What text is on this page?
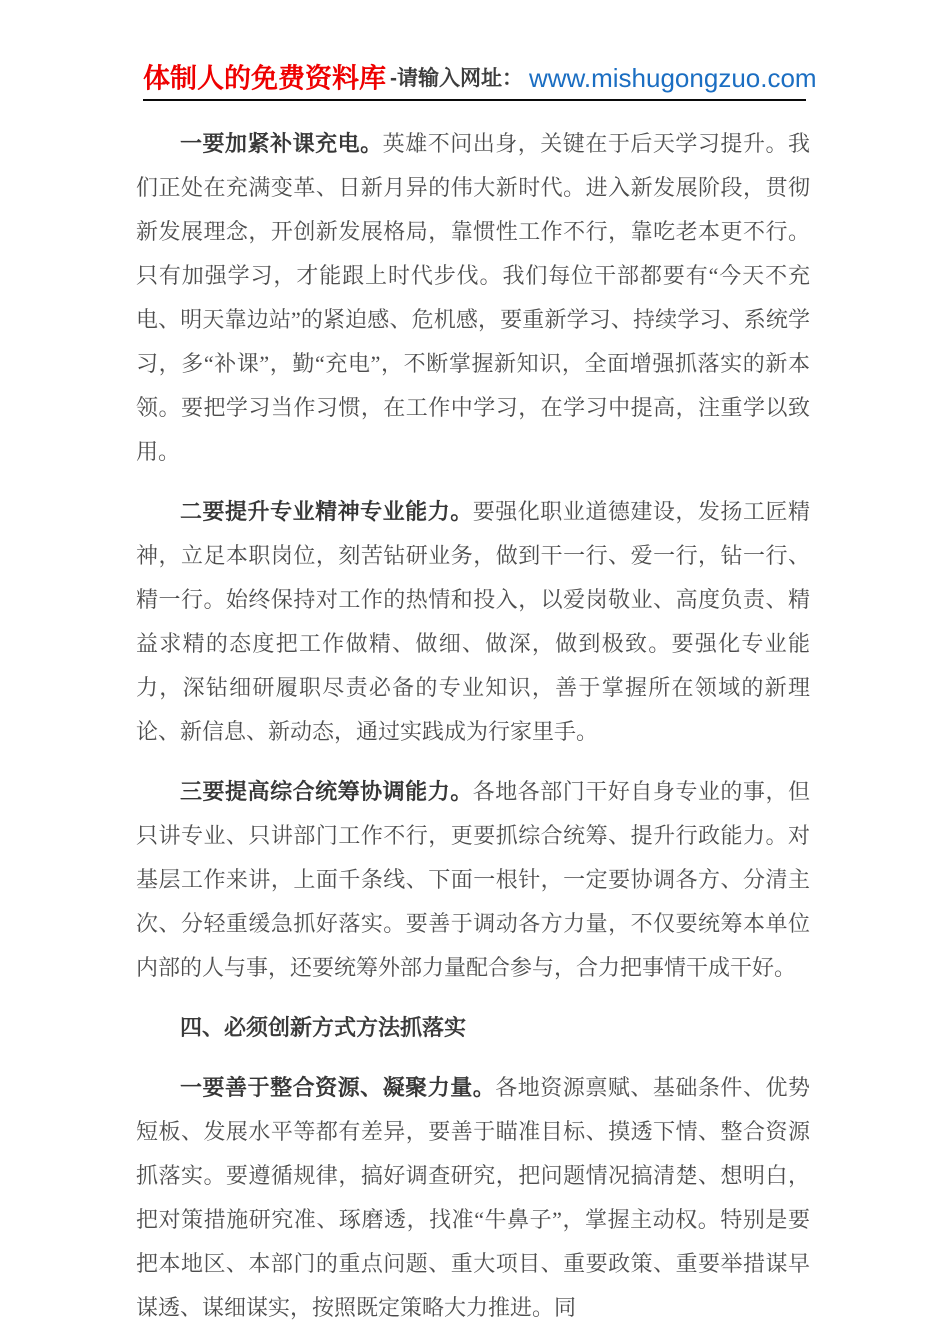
体制人的免费资料库 -请输入网址： www.mishugongzuo.com

一要加紧补课充电。英雄不问出身，关键在于后天学习提升。我们正处在充满变革、日新月异的伟大新时代。进入新发展阶段，贯彻新发展理念，开创新发展格局，靠惯性工作不行，靠吃老本更不行。只有加强学习，才能跟上时代步伐。我们每位干部都要有“今天不充电、明天靠边站”的紧迫感、危机感，要重新学习、持续学习、系统学习，多“补课”，勤“充电”，不断掌握新知识，全面增强抓落实的新本领。要把学习当作习惯，在工作中学习，在学习中提高，注重学以致用。

二要提升专业精神专业能力。要强化职业道德建设，发扬工匠精神，立足本职岗位，刻苦钻研业务，做到干一行、爱一行，钻一行、精一行。始终保持对工作的热情和投入，以爱岗敬业、高度负责、精益求精的态度把工作做精、做细、做深，做到极致。要强化专业能力，深钻细研履职尽责必备的专业知识，善于掌握所在领域的新理论、新信息、新动态，通过实践成为行家里手。

三要提高综合统筹协调能力。各地各部门干好自身专业的事，但只讲专业、只讲部门工作不行，更要抓综合统筹、提升行政能力。对基层工作来讲，上面千条线、下面一根针，一定要协调各方、分清主次、分轻重缓急抓好落实。要善于调动各方力量，不仅要统筹本单位内部的人与事，还要统筹外部力量配合参与，合力把事情干成干好。

四、必须创新方式方法抓落实

一要善于整合资源、凝聚力量。各地资源禀赋、基础条件、优势短板、发展水平等都有差异，要善于瞄准目标、摸透下情、整合资源抓落实。要遵循规律，搞好调查研究，把问题情况搞清楚、想明白，把对策措施研究准、琢磨透，找准“牛鼻子”，掌握主动权。特别是要把本地区、本部门的重点问题、重大项目、重要政策、重要举措谋早谋透、谋细谋实，按照既定策略大力推进。同
